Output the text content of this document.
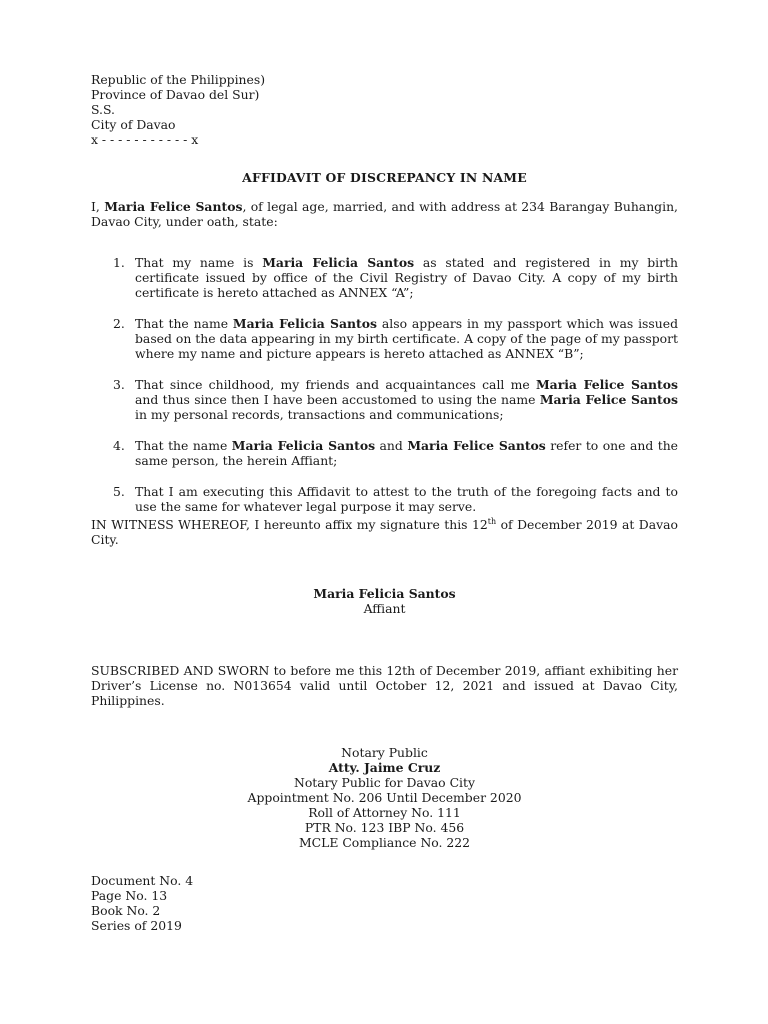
Republic of the Philippines)
Province of Davao del Sur)
S.S.
City of Davao
x - - - - - - - - - - - x
AFFIDAVIT OF DISCREPANCY IN NAME

I, Maria Felice Santos, of legal age, married, and with address at 234 Barangay Buhangin, Davao City, under oath, state:

1. That my name is Maria Felicia Santos as stated and registered in my birth certificate issued by office of the Civil Registry of Davao City. A copy of my birth certificate is hereto attached as ANNEX “A”;
2. That the name Maria Felicia Santos also appears in my passport which was issued based on the data appearing in my birth certificate. A copy of the page of my passport where my name and picture appears is hereto attached as ANNEX “B”;
3. That since childhood, my friends and acquaintances call me Maria Felice Santos and thus since then I have been accustomed to using the name Maria Felice Santos in my personal records, transactions and communications;
4. That the name Maria Felicia Santos and Maria Felice Santos refer to one and the same person, the herein Affiant;
5. That I am executing this Affidavit to attest to the truth of the foregoing facts and to use the same for whatever legal purpose it may serve.

IN WITNESS WHEREOF, I hereunto affix my signature this 12th of December 2019 at Davao City.

Maria Felicia Santos
Affiant

SUBSCRIBED AND SWORN to before me this 12th of December 2019, affiant exhibiting her Driver’s License no. N013654 valid until October 12, 2021 and issued at Davao City, Philippines.

Notary Public
Atty. Jaime Cruz
Notary Public for Davao City
Appointment No. 206 Until December 2020
Roll of Attorney No. 111
PTR No. 123 IBP No. 456
MCLE Compliance No. 222
Document No. 4
Page No. 13
Book No. 2
Series of 2019
